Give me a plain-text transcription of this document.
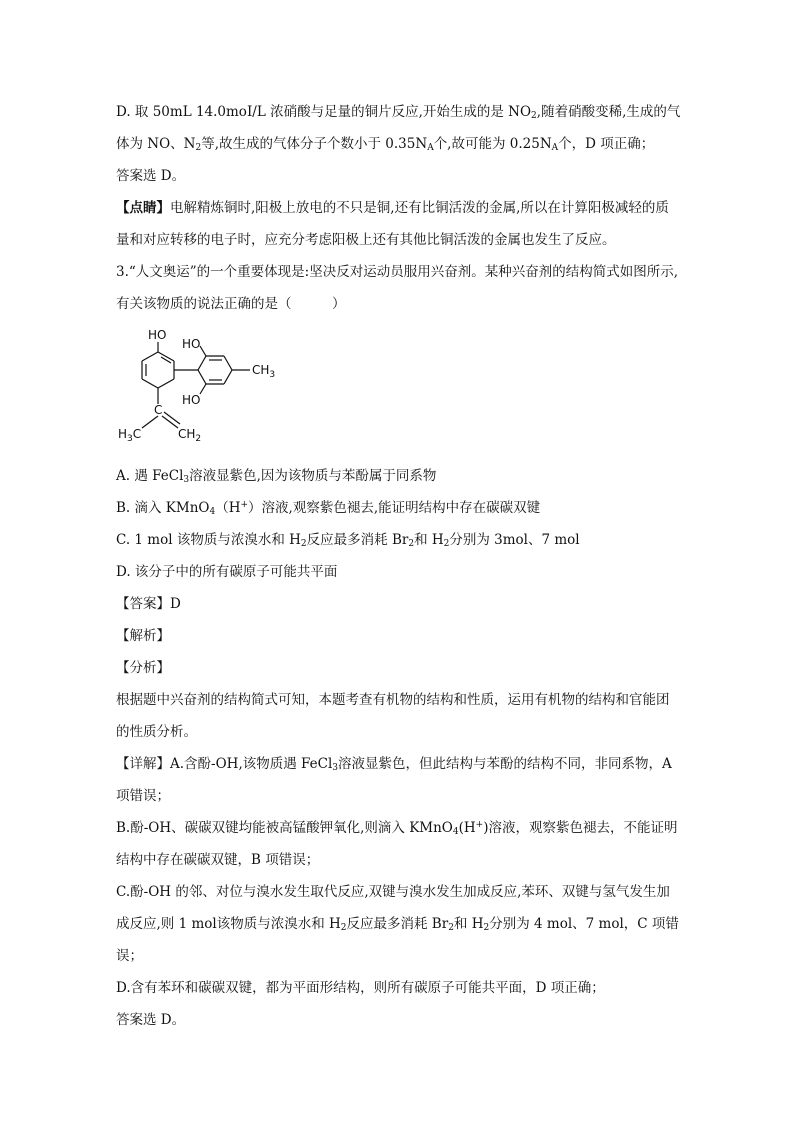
D. 取 50mL 14.0moI/L 浓硝酸与足量的铜片反应,开始生成的是 $NO_2$,随着硝酸变稀,生成的气
体为 NO、$N_2$等,故生成的气体分子个数小于 $0.35N_A$个,故可能为 $0.25N_A$个，D 项正确；

答案选 D。

【点睛】电解精炼铜时,阳极上放电的不只是铜,还有比铜活泼的金属,所以在计算阳极减轻的质量和对应转移的电子时，应充分考虑阳极上还有其他比铜活泼的金属也发生了反应。

3.“人文奥运”的一个重要体现是:坚决反对运动员服用兴奋剂。某种兴奋剂的结构简式如图所示,有关该物质的说法正确的是（　　　）

HO
HO
HO
$CH_3$
C
$H_3C$	$CH_2$

A. 遇 FeCl$_3$溶液显紫色,因为该物质与苯酚属于同系物

B. 滴入 KMnO$_4$（H+）溶液,观察紫色褪去,能证明结构中存在碳碳双键

C. 1 mol 该物质与浓溴水和 $H_2$反应最多消耗 $Br_2$和 $H_2$分别为 3mol、7 mol

D. 该分子中的所有碳原子可能共平面

【答案】D

【解析】

【分析】

根据题中兴奋剂的结构简式可知，本题考查有机物的结构和性质，运用有机物的结构和官能团的性质分析。

【详解】A.含酚-OH,该物质遇 FeCl$_3$溶液显紫色，但此结构与苯酚的结构不同，非同系物，A 项错误；

B.酚-OH、碳碳双键均能被高锰酸钾氧化,则滴入 KMnO$_4$(H+)溶液，观察紫色褪去，不能证明结构中存在碳碳双键，B 项错误；

C.酚-OH 的邻、对位与溴水发生取代反应,双键与溴水发生加成反应,苯环、双键与氢气发生加成反应,则 1 mol该物质与浓溴水和 $H_2$反应最多消耗 $Br_2$和 $H_2$分别为 4 mol、7 mol，C 项错误；

D.含有苯环和碳碳双键，都为平面形结构，则所有碳原子可能共平面，D 项正确；

答案选 D。
